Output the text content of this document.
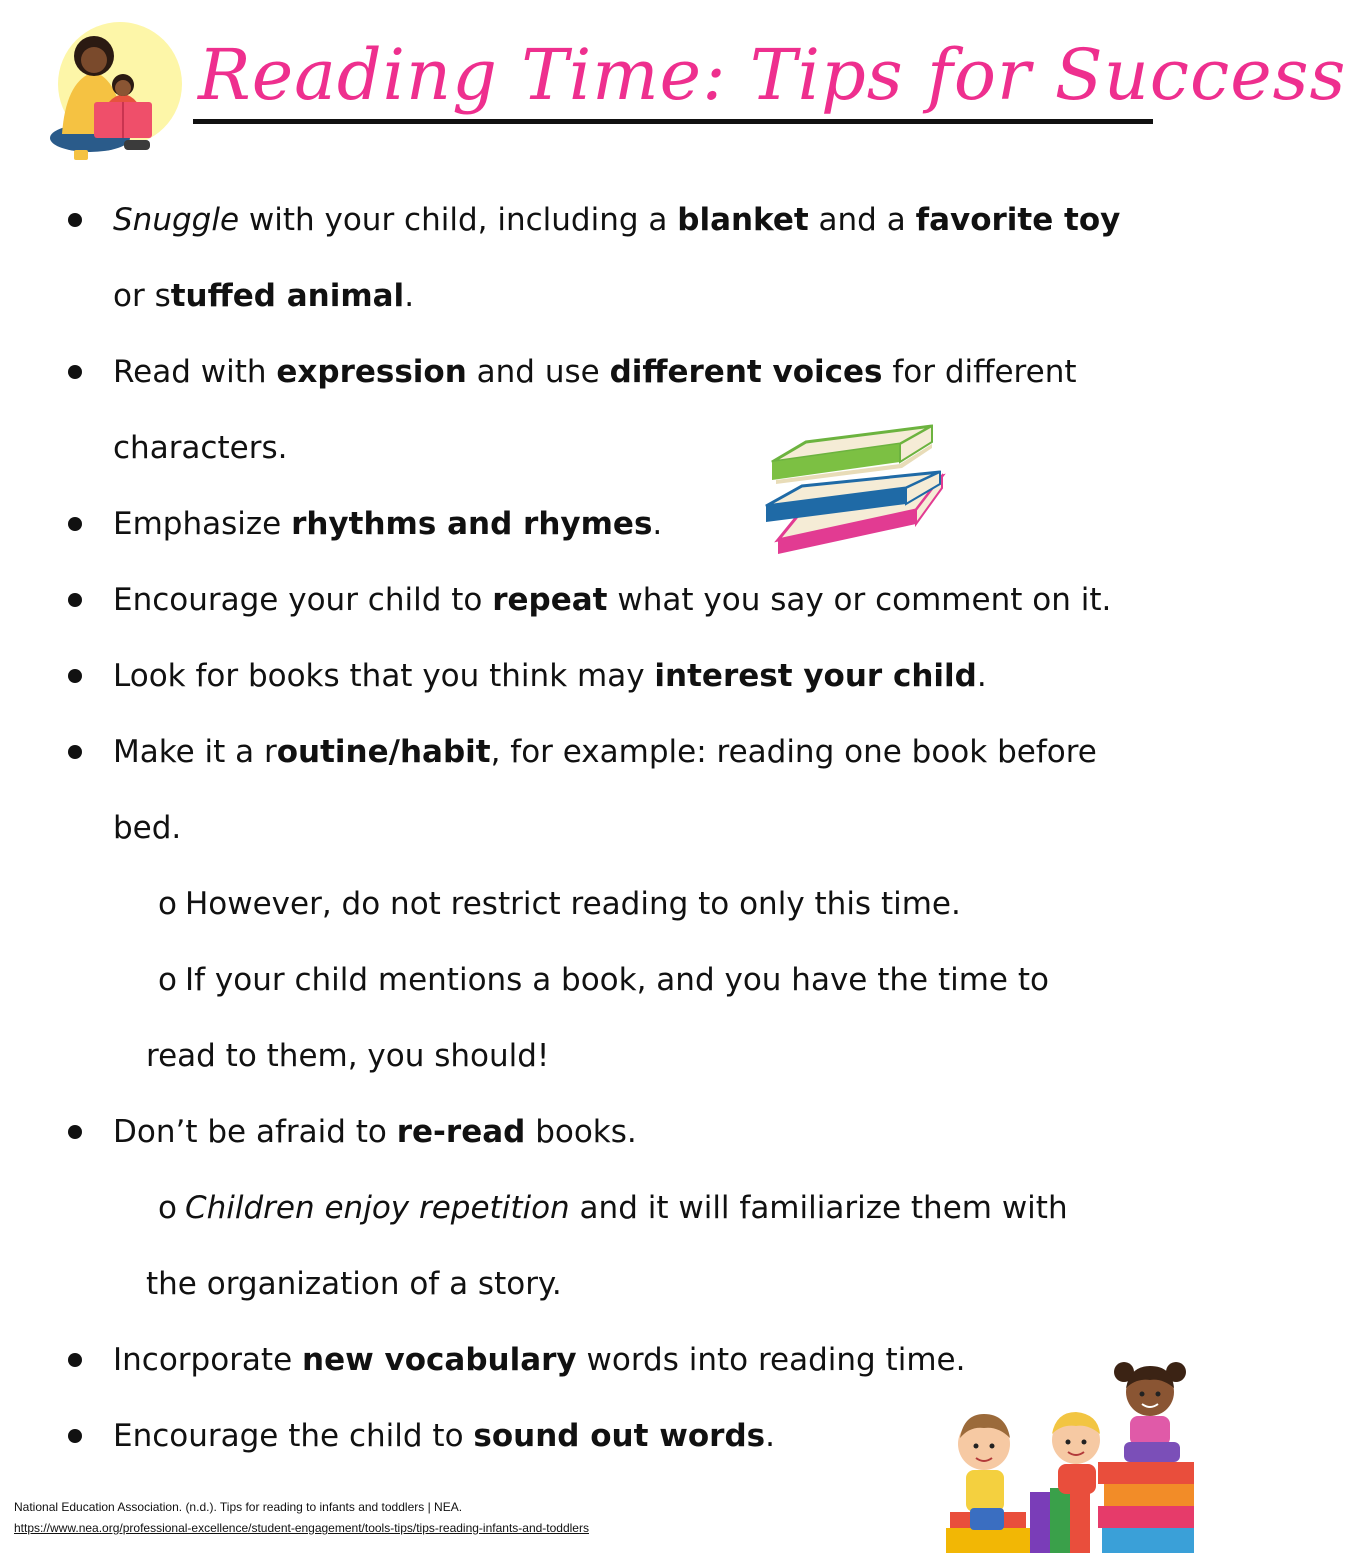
Reading Time: Tips for Success
Snuggle with your child, including a blanket and a favorite toy
or stuffed animal.
Read with expression and use different voices for different
characters.
Emphasize rhythms and rhymes.
Encourage your child to repeat what you say or comment on it.
Look for books that you think may interest your child.
Make it a routine/habit, for example: reading one book before
bed.
o However, do not restrict reading to only this time.
o If your child mentions a book, and you have the time to
read to them, you should!
Don’t be afraid to re-read books.
o Children enjoy repetition and it will familiarize them with
the organization of a story.
Incorporate new vocabulary words into reading time.
Encourage the child to sound out words.
National Education Association. (n.d.). Tips for reading to infants and toddlers | NEA.
https://www.nea.org/professional-excellence/student-engagement/tools-tips/tips-reading-infants-and-toddlers
